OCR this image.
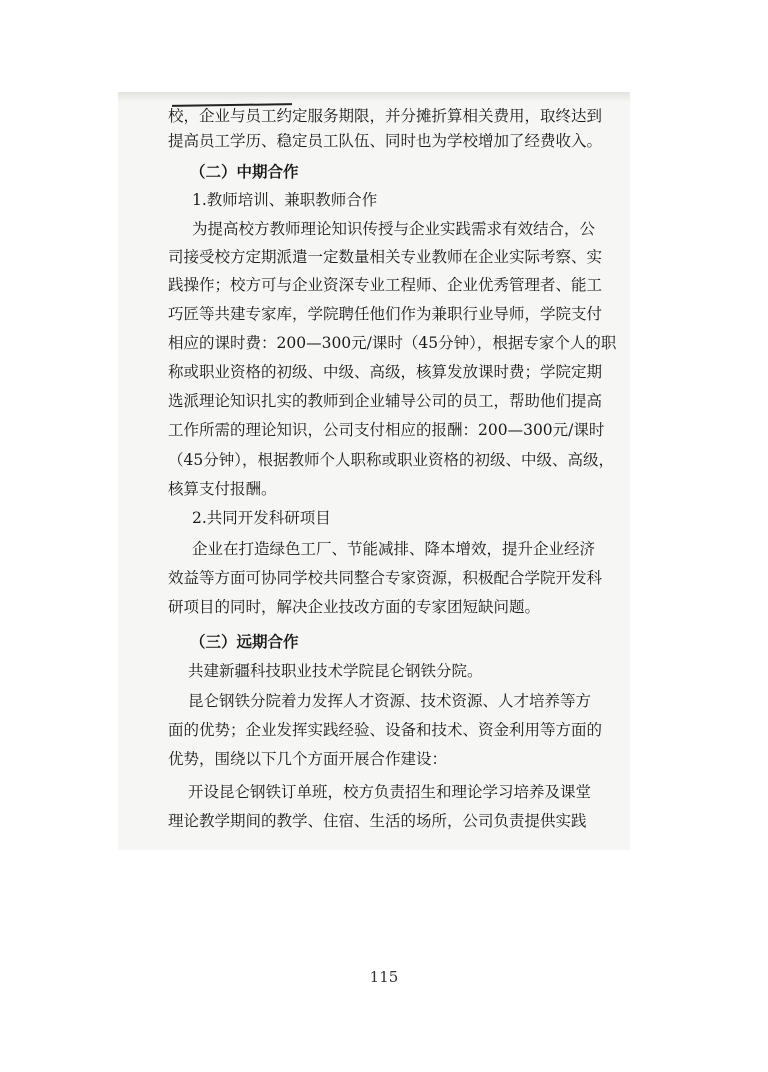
校，企业与员工约定服务期限，并分摊折算相关费用，取终达到
提高员工学历、稳定员工队伍、同时也为学校增加了经费收入。
（二）中期合作
1.教师培训、兼职教师合作
为提高校方教师理论知识传授与企业实践需求有效结合，公
司接受校方定期派遣一定数量相关专业教师在企业实际考察、实
践操作；校方可与企业资深专业工程师、企业优秀管理者、能工
巧匠等共建专家库，学院聘任他们作为兼职行业导师，学院支付
相应的课时费：200—300元/课时（45分钟），根据专家个人的职
称或职业资格的初级、中级、高级，核算发放课时费；学院定期
选派理论知识扎实的教师到企业辅导公司的员工，帮助他们提高
工作所需的理论知识，公司支付相应的报酬：200—300元/课时
（45分钟），根据教师个人职称或职业资格的初级、中级、高级，
核算支付报酬。
2.共同开发科研项目
企业在打造绿色工厂、节能减排、降本增效，提升企业经济
效益等方面可协同学校共同整合专家资源，积极配合学院开发科
研项目的同时，解决企业技改方面的专家团短缺问题。
（三）远期合作
共建新疆科技职业技术学院昆仑钢铁分院。
昆仑钢铁分院着力发挥人才资源、技术资源、人才培养等方
面的优势；企业发挥实践经验、设备和技术、资金利用等方面的
优势，围绕以下几个方面开展合作建设：
开设昆仑钢铁订单班，校方负责招生和理论学习培养及课堂
理论教学期间的教学、住宿、生活的场所，公司负责提供实践
115
